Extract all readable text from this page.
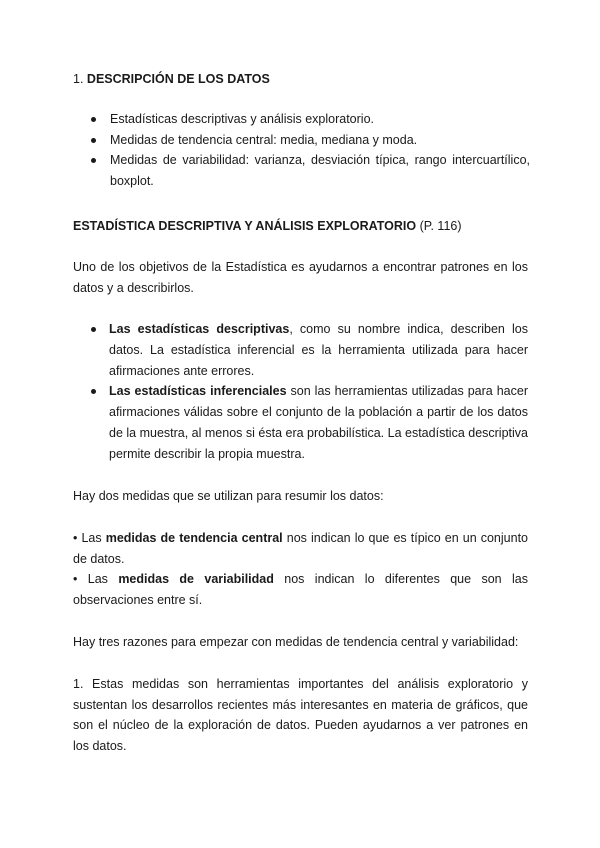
1. DESCRIPCIÓN DE LOS DATOS
Estadísticas descriptivas y análisis exploratorio.
Medidas de tendencia central: media, mediana y moda.
Medidas de variabilidad: varianza, desviación típica, rango intercuartílico, boxplot.
ESTADÍSTICA DESCRIPTIVA Y ANÁLISIS EXPLORATORIO (P. 116)

Uno de los objetivos de la Estadística es ayudarnos a encontrar patrones en los datos y a describirlos.

Las estadísticas descriptivas, como su nombre indica, describen los datos. La estadística inferencial es la herramienta utilizada para hacer afirmaciones ante errores.
Las estadísticas inferenciales son las herramientas utilizadas para hacer afirmaciones válidas sobre el conjunto de la población a partir de los datos de la muestra, al menos si ésta era probabilística. La estadística descriptiva permite describir la propia muestra.

Hay dos medidas que se utilizan para resumir los datos:

• Las medidas de tendencia central nos indican lo que es típico en un conjunto de datos.

• Las medidas de variabilidad nos indican lo diferentes que son las observaciones entre sí.

Hay tres razones para empezar con medidas de tendencia central y variabilidad:

1. Estas medidas son herramientas importantes del análisis exploratorio y sustentan los desarrollos recientes más interesantes en materia de gráficos, que son el núcleo de la exploración de datos. Pueden ayudarnos a ver patrones en los datos.
